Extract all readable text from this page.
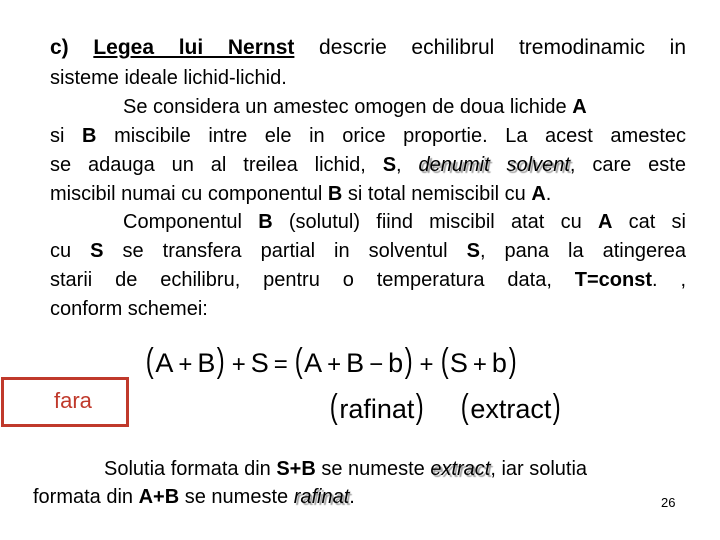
c) Legea lui Nernst descrie echilibrul tremodinamic in
sisteme ideale lichid-lichid.
Se considera un amestec omogen de doua lichide A
si B miscibile intre ele in orice proportie. La acest amestec
se adauga un al treilea lichid, S, denumit solvent, care este
miscibil numai cu componentul B si total nemiscibil cu A.
Componentul B (solutul) fiind miscibil atat cu A cat si
cu S se transfera partial in solventul S, pana la atingerea
starii de echilibru, pentru o temperatura data, T=const. ,
conform schemei:
(A + B) + S = (A + B − b) + (S + b)
(rafinat) (extract)
fara
Solutia formata din S+B se numeste extract, iar solutia
formata din A+B se numeste rafinat.	26
